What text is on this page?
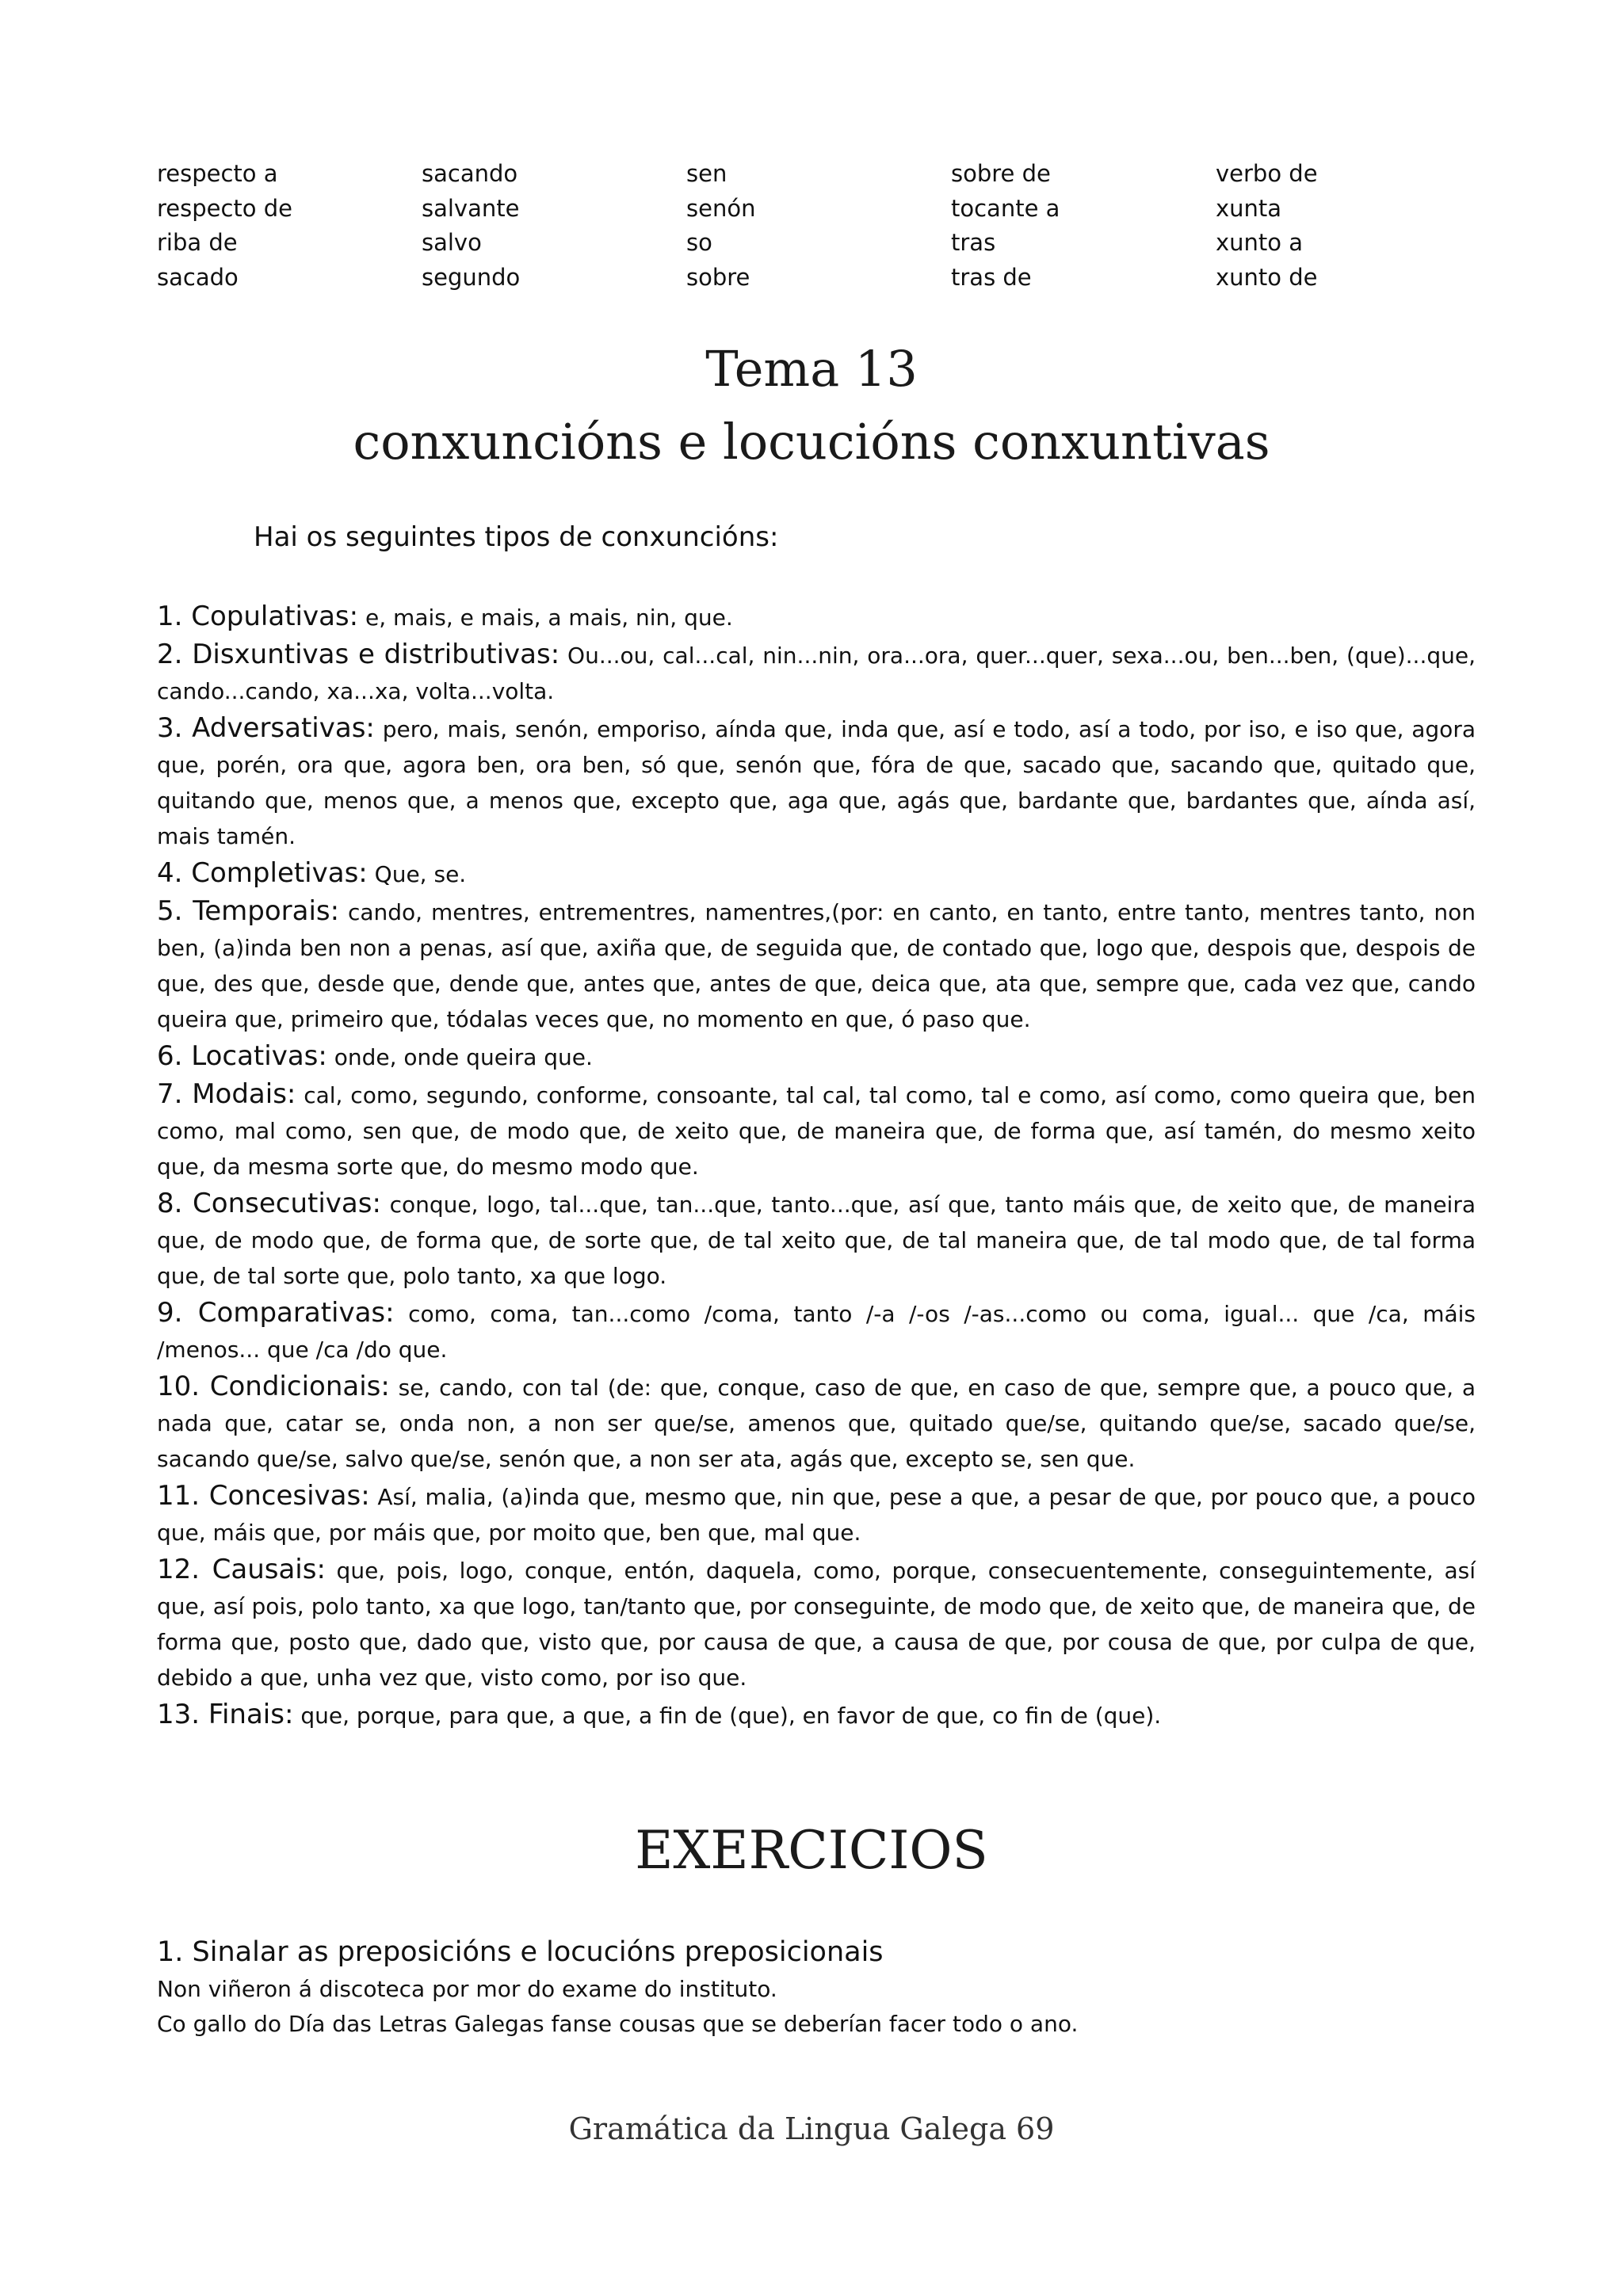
respecto a	sacando	sen	sobre de	verbo de
respecto de	salvante	senón	tocante a	xunta
riba de	salvo	so	tras	xunto a
sacado	segundo	sobre	tras de	xunto de
Tema 13
conxuncións e locucións conxuntivas
Hai os seguintes tipos de conxuncións:

1. Copulativas: e, mais, e mais, a mais, nin, que.

2. Disxuntivas e distributivas: Ou...ou, cal...cal, nin...nin, ora...ora, quer...quer, sexa...ou, ben...ben, (que)...que, cando...cando, xa...xa, volta...volta.

3. Adversativas: pero, mais, senón, emporiso, aínda que, inda que, así e todo, así a todo, por iso, e iso que, agora que, porén, ora que, agora ben, ora ben, só que, senón que, fóra de que, sacado que, sacando que, quitado que, quitando que, menos que, a menos que, excepto que, aga que, agás que, bardante que, bardantes que, aínda así, mais tamén.

4. Completivas: Que, se.

5. Temporais: cando, mentres, entrementres, namentres,(por: en canto, en tanto, entre tanto, mentres tanto, non ben, (a)inda ben non a penas, así que, axiña que, de seguida que, de contado que, logo que, despois que, despois de que, des que, desde que, dende que, antes que, antes de que, deica que, ata que, sempre que, cada vez que, cando queira que, primeiro que, tódalas veces que, no momento en que, ó paso que.

6. Locativas: onde, onde queira que.

7. Modais: cal, como, segundo, conforme, consoante, tal cal, tal como, tal e como, así como, como queira que, ben como, mal como, sen que, de modo que, de xeito que, de maneira que, de forma que, así tamén, do mesmo xeito que, da mesma sorte que, do mesmo modo que.

8. Consecutivas: conque, logo, tal...que, tan...que, tanto...que, así que, tanto máis que, de xeito que, de maneira que, de modo que, de forma que, de sorte que, de tal xeito que, de tal maneira que, de tal modo que, de tal forma que, de tal sorte que, polo tanto, xa que logo.

9. Comparativas: como, coma, tan...como /coma, tanto /-a /-os /-as...como ou coma, igual... que /ca, máis /menos... que /ca /do que.

10. Condicionais: se, cando, con tal (de: que, conque, caso de que, en caso de que, sempre que, a pouco que, a nada que, catar se, onda non, a non ser que/se, amenos que, quitado que/se, quitando que/se, sacado que/se, sacando que/se, salvo que/se, senón que, a non ser ata, agás que, excepto se, sen que.

11. Concesivas: Así, malia, (a)inda que, mesmo que, nin que, pese a que, a pesar de que, por pouco que, a pouco que, máis que, por máis que, por moito que, ben que, mal que.

12. Causais: que, pois, logo, conque, entón, daquela, como, porque, consecuentemente, conseguintemente, así que, así pois, polo tanto, xa que logo, tan/tanto que, por conseguinte, de modo que, de xeito que, de maneira que, de forma que, posto que, dado que, visto que, por causa de que, a causa de que, por cousa de que, por culpa de que, debido a que, unha vez que, visto como, por iso que.

13. Finais: que, porque, para que, a que, a fin de (que), en favor de que, co fin de (que).

EXERCICIOS
1. Sinalar as preposicións e locucións preposicionais
Non viñeron á discoteca por mor do exame do instituto.
Co gallo do Día das Letras Galegas fanse cousas que se deberían facer todo o ano.
Gramática da Lingua Galega 69
